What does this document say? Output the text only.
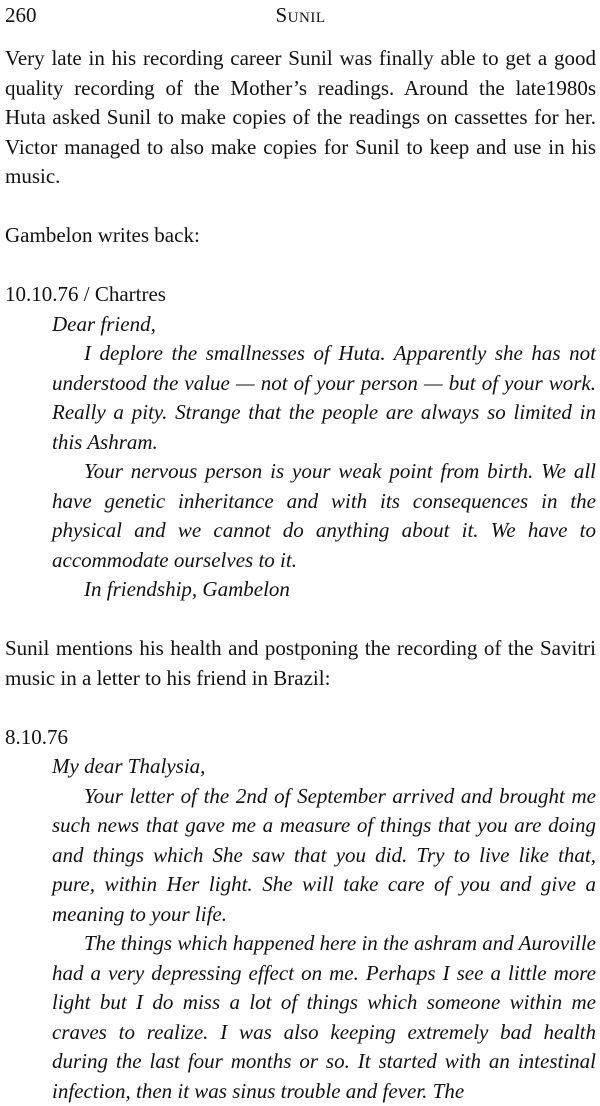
260	Sunil

Very late in his recording career Sunil was finally able to get a good quality recording of the Mother’s readings. Around the late1980s Huta asked Sunil to make copies of the readings on cassettes for her. Victor managed to also make copies for Sunil to keep and use in his music.

Gambelon writes back:

10.10.76 / Chartres

Dear friend,

I deplore the smallnesses of Huta. Apparently she has not understood the value — not of your person — but of your work. Really a pity. Strange that the people are always so limited in this Ashram.

Your nervous person is your weak point from birth. We all have genetic inheritance and with its consequences in the physical and we cannot do anything about it. We have to accommodate ourselves to it.

In friendship, Gambelon

Sunil mentions his health and postponing the recording of the Savitri music in a letter to his friend in Brazil:

8.10.76

My dear Thalysia,

Your letter of the 2nd of September arrived and brought me such news that gave me a measure of things that you are doing and things which She saw that you did. Try to live like that, pure, within Her light. She will take care of you and give a meaning to your life.

The things which happened here in the ashram and Auroville had a very depressing effect on me. Perhaps I see a little more light but I do miss a lot of things which someone within me craves to realize. I was also keeping extremely bad health during the last four months or so. It started with an intestinal infection, then it was sinus trouble and fever. The
